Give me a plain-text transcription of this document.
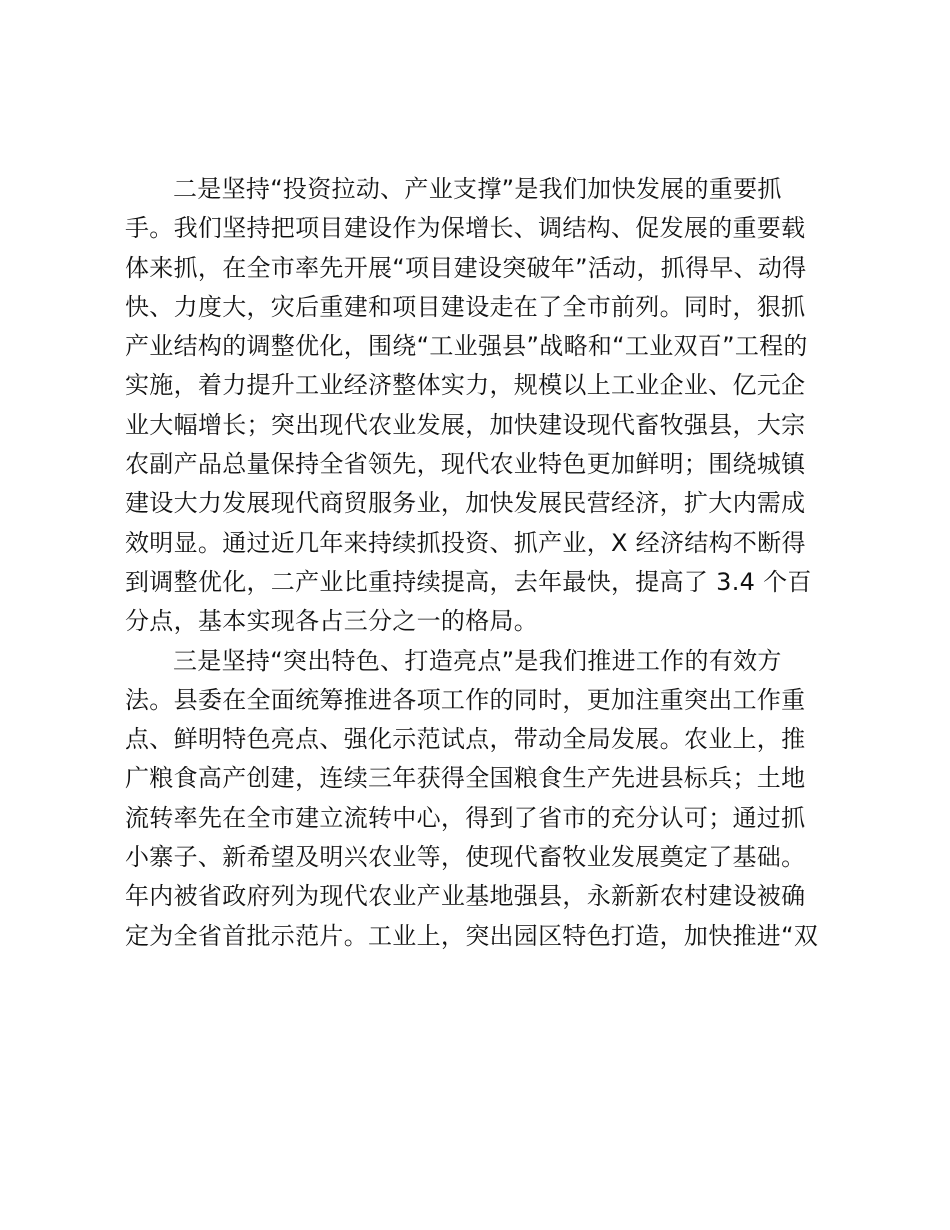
二是坚持“投资拉动、产业支撑”是我们加快发展的重要抓
手。我们坚持把项目建设作为保增长、调结构、促发展的重要载
体来抓，在全市率先开展“项目建设突破年”活动，抓得早、动得
快、力度大，灾后重建和项目建设走在了全市前列。同时，狠抓
产业结构的调整优化，围绕“工业强县”战略和“工业双百”工程的
实施，着力提升工业经济整体实力，规模以上工业企业、亿元企
业大幅增长；突出现代农业发展，加快建设现代畜牧强县，大宗
农副产品总量保持全省领先，现代农业特色更加鲜明；围绕城镇
建设大力发展现代商贸服务业，加快发展民营经济，扩大内需成
效明显。通过近几年来持续抓投资、抓产业，X 经济结构不断得
到调整优化，二产业比重持续提高，去年最快，提高了 3.4 个百
分点，基本实现各占三分之一的格局。
三是坚持“突出特色、打造亮点”是我们推进工作的有效方
法。县委在全面统筹推进各项工作的同时，更加注重突出工作重
点、鲜明特色亮点、强化示范试点，带动全局发展。农业上，推
广粮食高产创建，连续三年获得全国粮食生产先进县标兵；土地
流转率先在全市建立流转中心，得到了省市的充分认可；通过抓
小寨子、新希望及明兴农业等，使现代畜牧业发展奠定了基础。
年内被省政府列为现代农业产业基地强县，永新新农村建设被确
定为全省首批示范片。工业上，突出园区特色打造，加快推进“双
